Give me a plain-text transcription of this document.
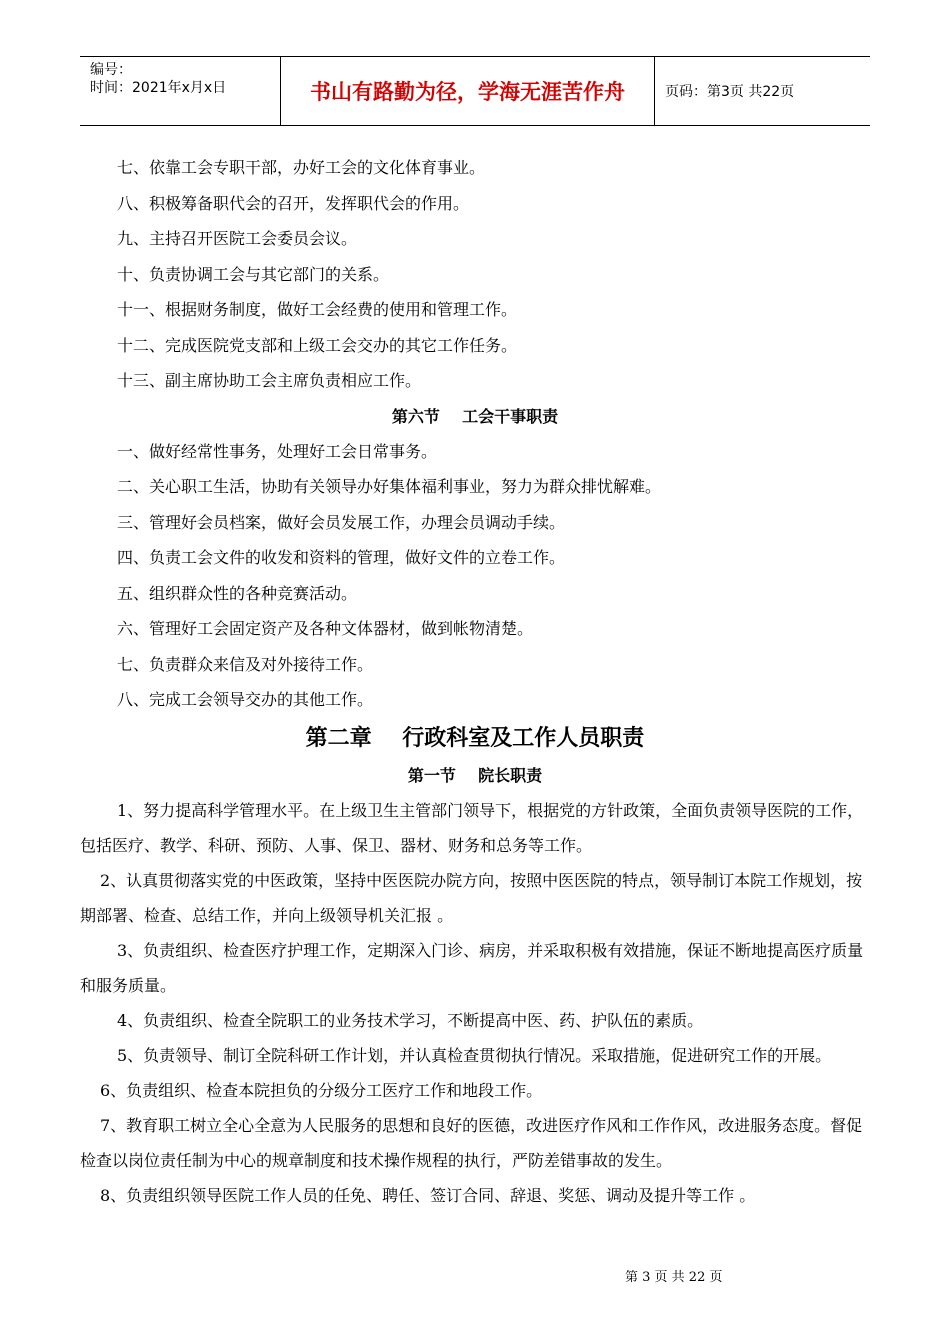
编号：
时间：2021年x月x日	书山有路勤为径，学海无涯苦作舟	页码：第3页 共22页
七、依靠工会专职干部，办好工会的文化体育事业。
八、积极筹备职代会的召开，发挥职代会的作用。
九、主持召开医院工会委员会议。
十、负责协调工会与其它部门的关系。
十一、根据财务制度，做好工会经费的使用和管理工作。
十二、完成医院党支部和上级工会交办的其它工作任务。
十三、副主席协助工会主席负责相应工作。
第六节    工会干事职责
一、做好经常性事务，处理好工会日常事务。
二、关心职工生活，协助有关领导办好集体福利事业，努力为群众排忧解难。
三、管理好会员档案，做好会员发展工作，办理会员调动手续。
四、负责工会文件的收发和资料的管理，做好文件的立卷工作。
五、组织群众性的各种竞赛活动。
六、管理好工会固定资产及各种文体器材，做到帐物清楚。
七、负责群众来信及对外接待工作。
八、完成工会领导交办的其他工作。
第二章    行政科室及工作人员职责
第一节    院长职责
1、努力提高科学管理水平。在上级卫生主管部门领导下，根据党的方针政策，全面负责领导医院的工作，包括医疗、教学、科研、预防、人事、保卫、器材、财务和总务等工作。
2、认真贯彻落实党的中医政策，坚持中医医院办院方向，按照中医医院的特点，领导制订本院工作规划，按期部署、检查、总结工作，并向上级领导机关汇报 。
3、负责组织、检查医疗护理工作，定期深入门诊、病房，并采取积极有效措施，保证不断地提高医疗质量和服务质量。
4、负责组织、检查全院职工的业务技术学习，不断提高中医、药、护队伍的素质。
5、负责领导、制订全院科研工作计划，并认真检查贯彻执行情况。采取措施，促进研究工作的开展。
6、负责组织、检查本院担负的分级分工医疗工作和地段工作。
7、教育职工树立全心全意为人民服务的思想和良好的医德，改进医疗作风和工作作风，改进服务态度。督促检查以岗位责任制为中心的规章制度和技术操作规程的执行，严防差错事故的发生。
8、负责组织领导医院工作人员的任免、聘任、签订合同、辞退、奖惩、调动及提升等工作 。
第 3 页 共 22 页
